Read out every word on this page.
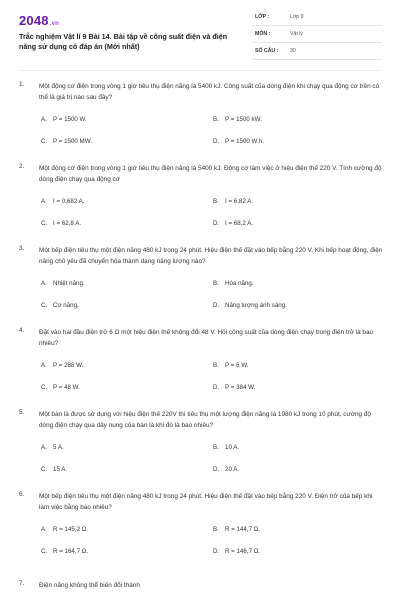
2048.vn
Trắc nghiệm Vật lí 9 Bài 14. Bài tập về công suất điện và điện năng sử dụng có đáp án (Mới nhất)
LỚP :	Lớp 9
MÔN :	Vật lý
SỐ CÂU : 30
1. Một động cơ điện trong vòng 1 giờ tiêu thụ điện năng là 5400 kJ. Công suất của dòng điện khi chạy qua động cơ trên có thể là giá trị nào sau đây?
A. P = 1500 W.	B. P = 1500 kW.
C. P = 1500 MW.	D. P = 1500 W.h.
2. Một động cơ điện trong vòng 1 giờ tiêu thụ điện năng là 5400 kJ. Động cơ làm việc ở hiệu điện thế 220 V. Tính cường độ dòng điện chạy qua động cơ
A. I = 0,682 A.	B. I = 6,82 A.
C. I = 62,8 A.	D. I = 68,2 A.
3. Một bếp điện tiêu thụ một điện năng 480 kJ trong 24 phút. Hiệu điện thế đặt vào bếp bằng 220 V. Khi bếp hoạt động, điện năng chủ yếu đã chuyển hóa thành dạng năng lượng nào?
A. Nhiệt năng.	B. Hóa năng.
C. Cơ năng.	D. Năng lượng ánh sáng.
4. Đặt vào hai đầu điện trở 6 Ω một hiệu điện thế không đổi 48 V. Hỏi công suất của dòng điện chạy trong điện trở là bao nhiêu?
A. P = 288 W.	B. P = 6 W.
C. P = 48 W.	D. P = 384 W.
5. Một bàn là được sử dụng với hiệu điện thế 220V thì tiêu thụ một lượng điện năng là 1980 kJ trong 10 phút, cường độ dòng điện chạy qua dây nung của bàn là khi đó là bao nhiêu?
A. 5 A.	B. 10 A.
C. 15 A.	D. 20 A.
6. Một bếp điện tiêu thụ một điện năng 480 kJ trong 24 phút. Hiệu điện thế đặt vào bếp bằng 220 V. Điện trở của bếp khi làm việc bằng bao nhiêu?
A. R = 145,2 Ω.	B. R = 144,7 Ω.
C. R = 164,7 Ω.	D. R = 146,7 Ω.
7. Điện năng không thể biến đổi thành
